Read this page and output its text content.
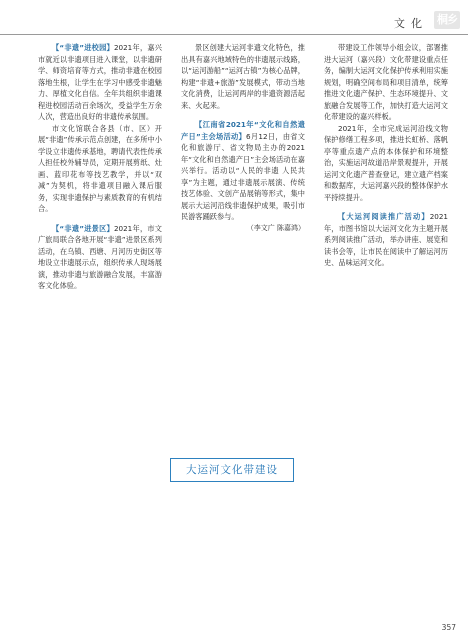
文化 桐乡

【“非遗”进校园】2021年，嘉兴市就近以非遗项目进入课堂，以非遗研学、师资培育等方式，推动非遗在校园落地生根，让学生在学习中感受非遗魅力、厚植文化自信。全年共组织非遗课程进校园活动百余场次，受益学生万余人次，营造出良好的非遗传承氛围。

市文化馆联合各县（市、区）开展“非遗”传承示范点创建，在多所中小学设立非遗传承基地，聘请代表性传承人担任校外辅导员，定期开展剪纸、灶画、蓝印花布等技艺教学，并以“双减”为契机，将非遗项目融入课后服务，实现非遗保护与素质教育的有机结合。

【“非遗”进景区】2021年，市文广旅局联合各地开展“非遗”进景区系列活动，在乌镇、西塘、月河历史街区等地设立非遗展示点，组织传承人现场展演，推动非遗与旅游融合发展，丰富游客文化体验。

景区创建大运河非遗文化特色，推出具有嘉兴地域特色的非遗展示线路，以“运河游船”“运河古镇”为核心品牌，构建“非遗+旅游”发展模式，带动当地文化消费，让运河两岸的非遗资源活起来、火起来。

【江南省2021年“文化和自然遗产日”主会场活动】6月12日，由省文化和旅游厅、省文物局主办的2021年“文化和自然遗产日”主会场活动在嘉兴举行。活动以“人民的非遗 人民共享”为主题，通过非遗展示展演、传统技艺体验、文创产品展销等形式，集中展示大运河沿线非遗保护成果，吸引市民游客踊跃参与。

（李文广 陈嘉鸿）

带建设工作领导小组会议，部署推进大运河（嘉兴段）文化带建设重点任务，编制大运河文化保护传承利用实施规划，明确空间布局和项目清单，统筹推进文化遗产保护、生态环境提升、文旅融合发展等工作，加快打造大运河文化带建设的嘉兴样板。

2021年，全市完成运河沿线文物保护修缮工程多项，推进长虹桥、落帆亭等重点遗产点的本体保护和环境整治，实施运河故道沿岸景观提升，开展运河文化遗产普查登记，建立遗产档案和数据库，大运河嘉兴段的整体保护水平持续提升。

【大运河阅读推广活动】2021年，市图书馆以大运河文化为主题开展系列阅读推广活动，举办讲座、展览和读书会等，让市民在阅读中了解运河历史、品味运河文化。

大运河文化带建设
357
